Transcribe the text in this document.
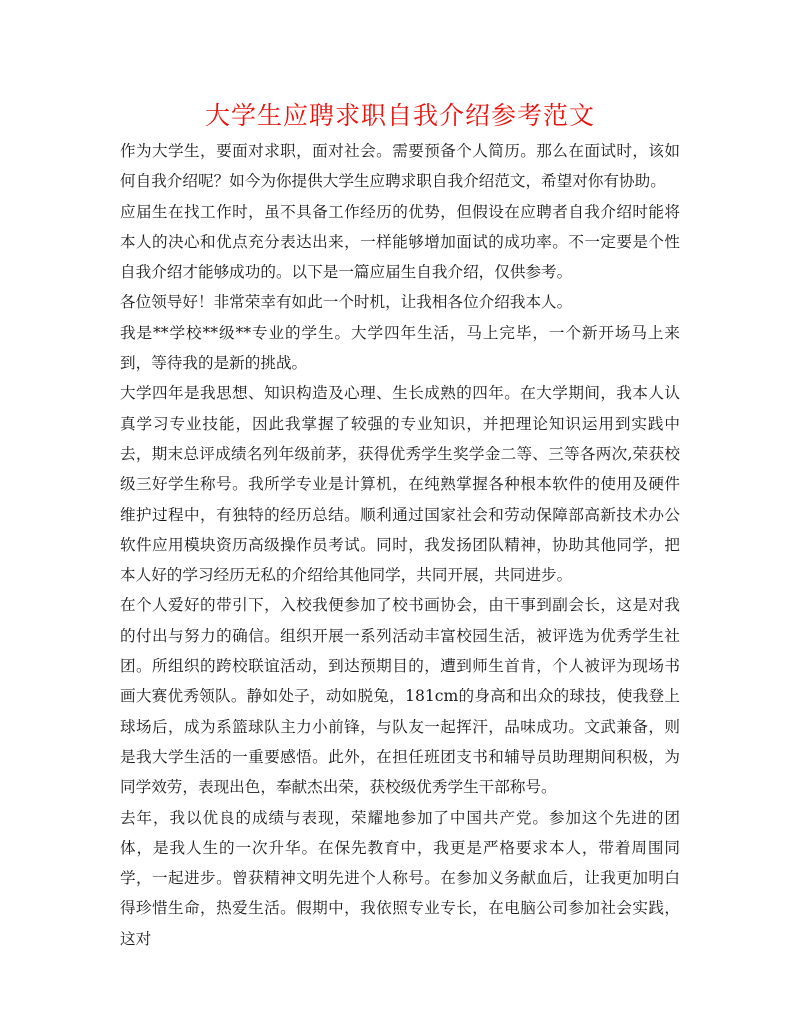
大学生应聘求职自我介绍参考范文

作为大学生，要面对求职，面对社会。需要预备个人简历。那么在面试时，该如何自我介绍呢？如今为你提供大学生应聘求职自我介绍范文，希望对你有协助。

应届生在找工作时，虽不具备工作经历的优势，但假设在应聘者自我介绍时能将本人的决心和优点充分表达出来，一样能够增加面试的成功率。不一定要是个性自我介绍才能够成功的。以下是一篇应届生自我介绍，仅供参考。

各位领导好！非常荣幸有如此一个时机，让我相各位介绍我本人。

我是**学校**级**专业的学生。大学四年生活，马上完毕，一个新开场马上来到，等待我的是新的挑战。

大学四年是我思想、知识构造及心理、生长成熟的四年。在大学期间，我本人认真学习专业技能，因此我掌握了较强的专业知识，并把理论知识运用到实践中去，期末总评成绩名列年级前茅，获得优秀学生奖学金二等、三等各两次,荣获校级三好学生称号。我所学专业是计算机，在纯熟掌握各种根本软件的使用及硬件维护过程中，有独特的经历总结。顺利通过国家社会和劳动保障部高新技术办公软件应用模块资历高级操作员考试。同时，我发扬团队精神，协助其他同学，把本人好的学习经历无私的介绍给其他同学，共同开展，共同进步。

在个人爱好的带引下，入校我便参加了校书画协会，由干事到副会长，这是对我的付出与努力的确信。组织开展一系列活动丰富校园生活，被评选为优秀学生社团。所组织的跨校联谊活动，到达预期目的，遭到师生首肯，个人被评为现场书画大赛优秀领队。静如处子，动如脱兔，181cm的身高和出众的球技，使我登上球场后，成为系篮球队主力小前锋，与队友一起挥汗，品味成功。文武兼备，则是我大学生活的一重要感悟。此外，在担任班团支书和辅导员助理期间积极，为同学效劳，表现出色，奉献杰出荣，获校级优秀学生干部称号。

去年，我以优良的成绩与表现，荣耀地参加了中国共产党。参加这个先进的团体，是我人生的一次升华。在保先教育中，我更是严格要求本人，带着周围同学，一起进步。曾获精神文明先进个人称号。在参加义务献血后，让我更加明白得珍惜生命，热爱生活。假期中，我依照专业专长，在电脑公司参加社会实践，这对
